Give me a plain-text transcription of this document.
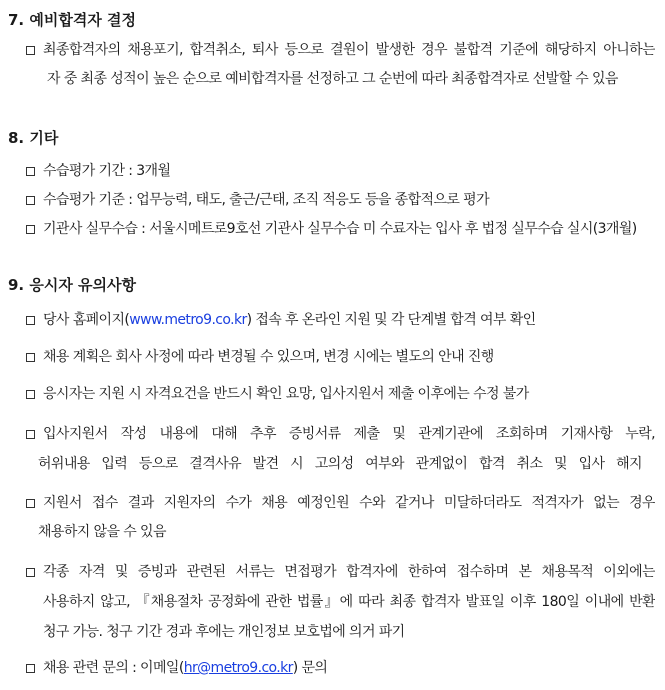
7. 예비합격자 결정
최종합격자의 채용포기, 합격취소, 퇴사 등으로 결원이 발생한 경우 불합격 기준에 해당하지 아니하는
자 중 최종 성적이 높은 순으로 예비합격자를 선정하고 그 순번에 따라 최종합격자로 선발할 수 있음
8. 기타
수습평가 기간 : 3개월
수습평가 기준 : 업무능력, 태도, 출근/근태, 조직 적응도 등을 종합적으로 평가
기관사 실무수습 : 서울시메트로9호선 기관사 실무수습 미 수료자는 입사 후 법정 실무수습 실시(3개월)
9. 응시자 유의사항
당사 홈페이지(www.metro9.co.kr) 접속 후 온라인 지원 및 각 단계별 합격 여부 확인
채용 계획은 회사 사정에 따라 변경될 수 있으며, 변경 시에는 별도의 안내 진행
응시자는 지원 시 자격요건을 반드시 확인 요망, 입사지원서 제출 이후에는 수정 불가
입사지원서 작성 내용에 대해 추후 증빙서류 제출 및 관계기관에 조회하며 기재사항 누락,
허위내용 입력 등으로 결격사유 발견 시 고의성 여부와 관계없이 합격 취소 및 입사 해지
지원서 접수 결과 지원자의 수가 채용 예정인원 수와 같거나 미달하더라도 적격자가 없는 경우
채용하지 않을 수 있음
각종 자격 및 증빙과 관련된 서류는 면접평가 합격자에 한하여 접수하며 본 채용목적 이외에는
사용하지 않고, 『채용절차 공정화에 관한 법률』에 따라 최종 합격자 발표일 이후 180일 이내에 반환
청구 가능. 청구 기간 경과 후에는 개인정보 보호법에 의거 파기
채용 관련 문의 : 이메일(hr@metro9.co.kr) 문의
